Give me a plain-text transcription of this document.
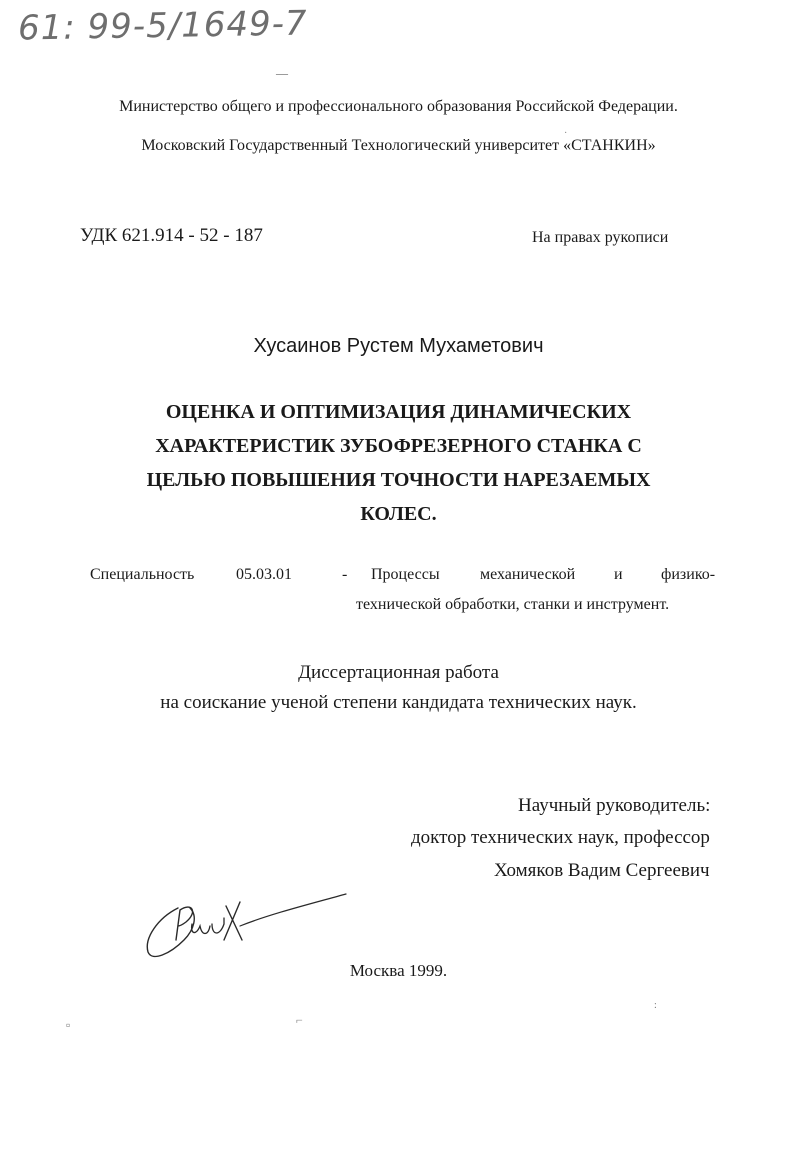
61: 99-5/1649-7
—
·
Министерство общего и профессионального образования Российской Федерации.
Московский Государственный Технологический университет «СТАНКИН»
УДК 621.914 - 52 - 187	На правах рукописи
Хусаинов Рустем Мухаметович
ОЦЕНКА И ОПТИМИЗАЦИЯ ДИНАМИЧЕСКИХ
ХАРАКТЕРИСТИК ЗУБОФРЕЗЕРНОГО СТАНКА С
ЦЕЛЬЮ ПОВЫШЕНИЯ ТОЧНОСТИ НАРЕЗАЕМЫХ
КОЛЕС.
Специальность	05.03.01	- Процессы	механической и физико-
технической обработки, станки и инструмент.
Диссертационная работа
на соискание ученой степени кандидата технических наук.
Научный руководитель:
доктор технических наук, профессор
Хомяков Вадим Сергеевич
Москва 1999.
▫	⌐
:
